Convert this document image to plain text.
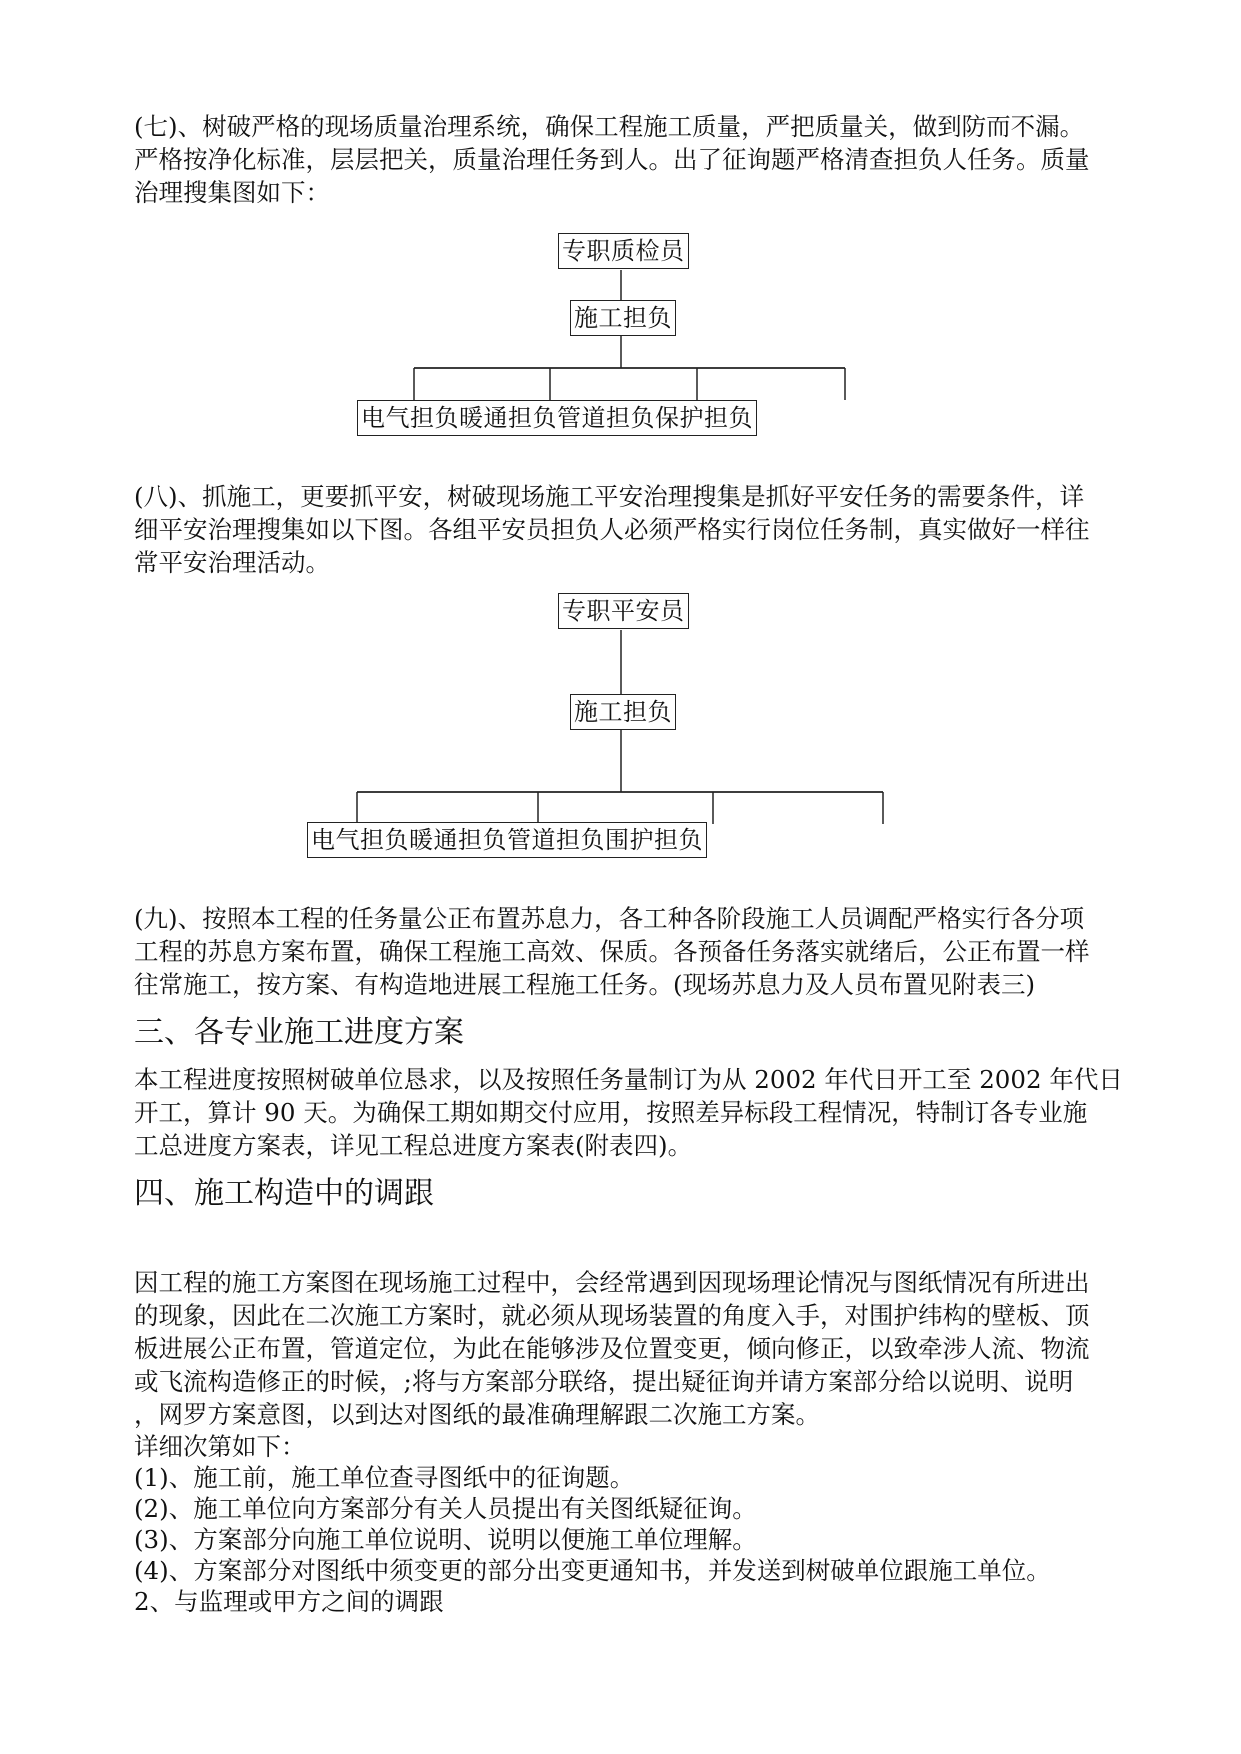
(七)、树破严格的现场质量治理系统，确保工程施工质量，严把质量关，做到防而不漏。
严格按净化标准，层层把关，质量治理任务到人。出了征询题严格清查担负人任务。质量
治理搜集图如下：
专职质检员
施工担负
电气担负暖通担负管道担负保护担负
(八)、抓施工，更要抓平安，树破现场施工平安治理搜集是抓好平安任务的需要条件，详
细平安治理搜集如以下图。各组平安员担负人必须严格实行岗位任务制，真实做好一样往
常平安治理活动。
专职平安员
施工担负
电气担负暖通担负管道担负围护担负
(九)、按照本工程的任务量公正布置苏息力，各工种各阶段施工人员调配严格实行各分项
工程的苏息方案布置，确保工程施工高效、保质。各预备任务落实就绪后，公正布置一样
往常施工，按方案、有构造地进展工程施工任务。(现场苏息力及人员布置见附表三)
三、各专业施工进度方案
本工程进度按照树破单位恳求，以及按照任务量制订为从 2002 年代日开工至 2002 年代日
开工，算计 90 天。为确保工期如期交付应用，按照差异标段工程情况，特制订各专业施
工总进度方案表，详见工程总进度方案表(附表四)。
四、施工构造中的调跟
因工程的施工方案图在现场施工过程中，会经常遇到因现场理论情况与图纸情况有所进出
的现象，因此在二次施工方案时，就必须从现场装置的角度入手，对围护纬构的壁板、顶
板进展公正布置，管道定位，为此在能够涉及位置变更，倾向修正，以致牵涉人流、物流
或飞流构造修正的时候，;将与方案部分联络，提出疑征询并请方案部分给以说明、说明
，网罗方案意图，以到达对图纸的最准确理解跟二次施工方案。
详细次第如下：
(1)、施工前，施工单位查寻图纸中的征询题。
(2)、施工单位向方案部分有关人员提出有关图纸疑征询。
(3)、方案部分向施工单位说明、说明以便施工单位理解。
(4)、方案部分对图纸中须变更的部分出变更通知书，并发送到树破单位跟施工单位。
2、与监理或甲方之间的调跟
